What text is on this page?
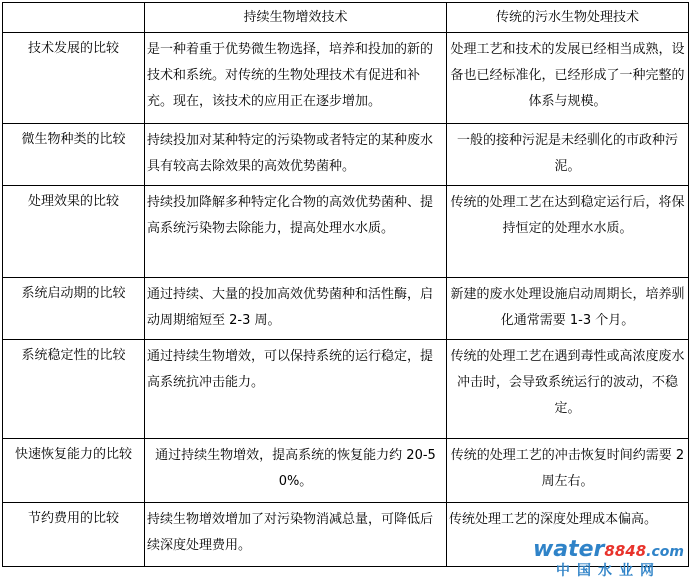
	持续生物增效技术	传统的污水生物处理技术
技术发展的比较	是一种着重于优势微生物选择，培养和投加的新的技术和系统。对传统的生物处理技术有促进和补充。现在，该技术的应用正在逐步增加。	处理工艺和技术的发展已经相当成熟，设备也已经标准化，已经形成了一种完整的体系与规模。
微生物种类的比较	持续投加对某种特定的污染物或者特定的某种废水具有较高去除效果的高效优势菌种。	一般的接种污泥是未经驯化的市政种污泥。
处理效果的比较	持续投加降解多种特定化合物的高效优势菌种、提高系统污染物去除能力，提高处理水水质。	传统的处理工艺在达到稳定运行后，将保持恒定的处理水水质。
系统启动期的比较	通过持续、大量的投加高效优势菌种和活性酶，启动周期缩短至 2-3 周。	新建的废水处理设施启动周期长，培养驯化通常需要 1-3 个月。
系统稳定性的比较	通过持续生物增效，可以保持系统的运行稳定，提高系统抗冲击能力。	传统的处理工艺在遇到毒性或高浓度废水冲击时，会导致系统运行的波动，不稳定。
快速恢复能力的比较	通过持续生物增效，提高系统的恢复能力约 20-50%。	传统的处理工艺的冲击恢复时间约需要 2 周左右。
节约费用的比较	持续生物增效增加了对污染物消减总量，可降低后续深度处理费用。	传统处理工艺的深度处理成本偏高。
water8848.com
中国水业网
